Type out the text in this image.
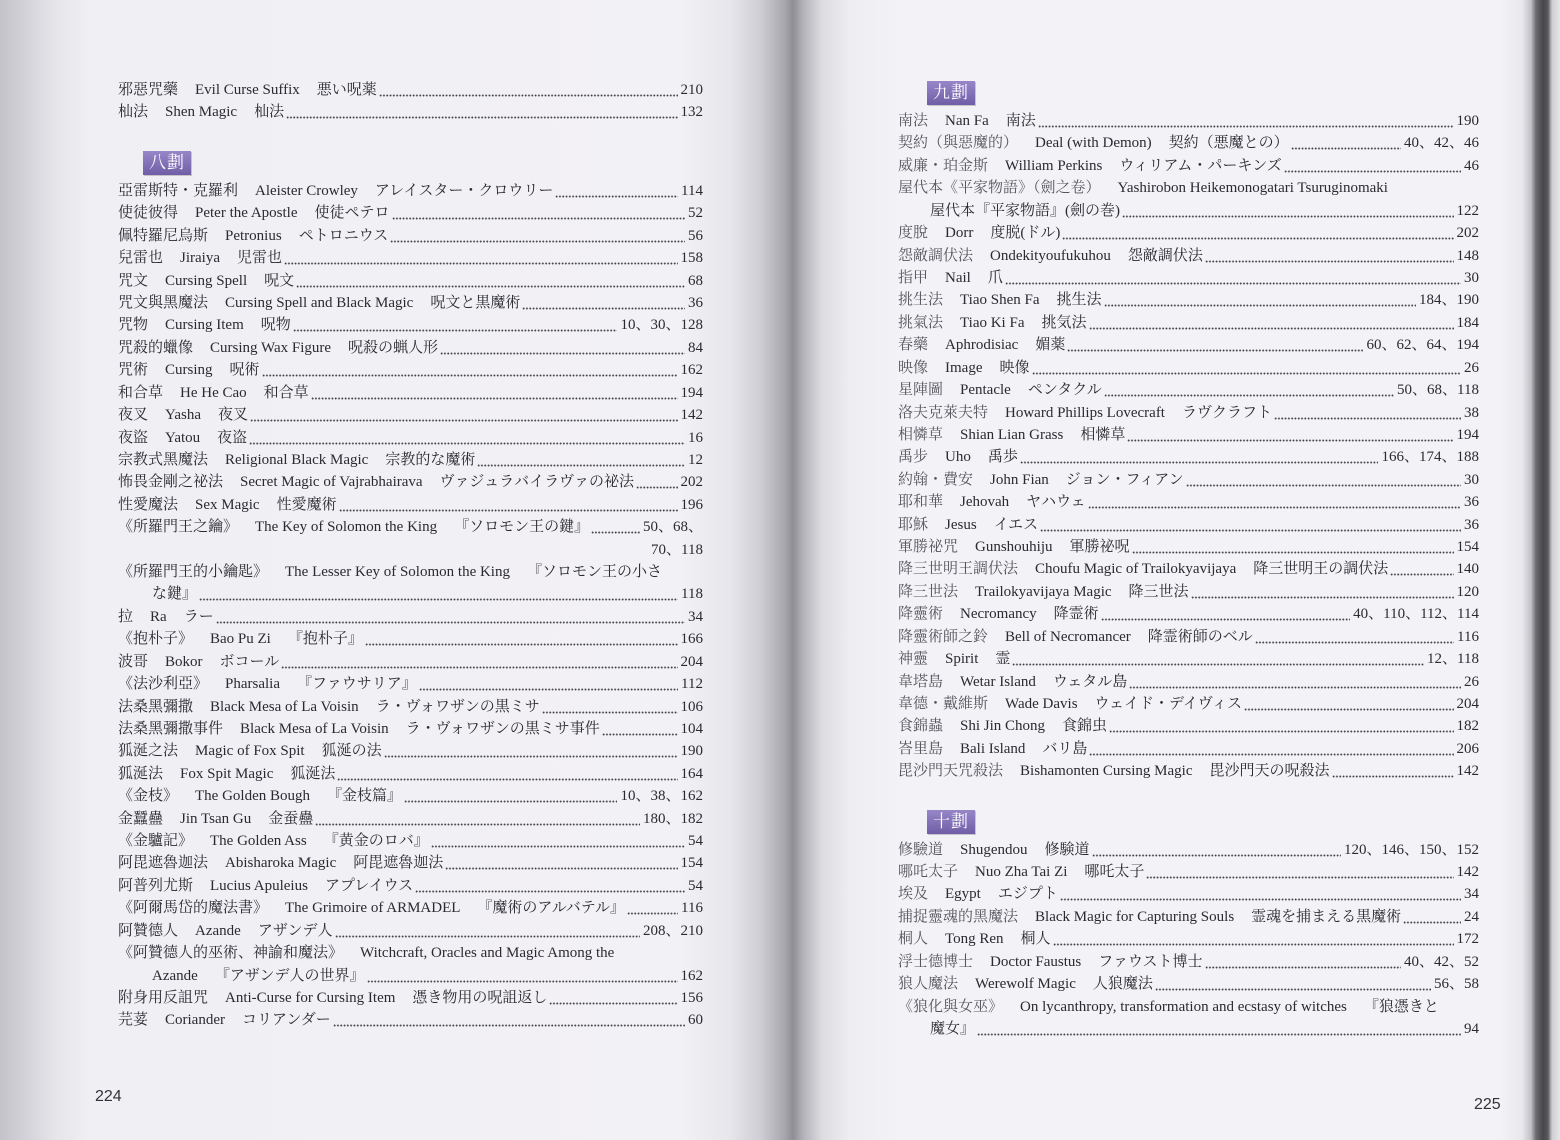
邪惡咒藥 Evil Curse Suffix 悪い呪薬	210
杣法 Shen Magic 杣法	132
八劃
亞雷斯特・克羅利 Aleister Crowley アレイスター・クロウリー	114
使徒彼得 Peter the Apostle 使徒ペテロ	52
佩特羅尼烏斯 Petronius ペトロニウス	56
兒雷也 Jiraiya 児雷也	158
咒文 Cursing Spell 呪文	68
咒文與黑魔法 Cursing Spell and Black Magic 呪文と黒魔術	36
咒物 Cursing Item 呪物	10、30、128
咒殺的蠟像 Cursing Wax Figure 呪殺の蝋人形	84
咒術 Cursing 呪術	162
和合草 He He Cao 和合草	194
夜叉 Yasha 夜叉	142
夜盜 Yatou 夜盗	16
宗教式黑魔法 Religional Black Magic 宗教的な魔術	12
怖畏金剛之祕法 Secret Magic of Vajrabhairava ヴァジュラバイラヴァの祕法	202
性愛魔法 Sex Magic 性愛魔術	196
《所羅門王之鑰》 The Key of Solomon the King 『ソロモン王の鍵』	50、68、
70、118
《所羅門王的小鑰匙》 The Lesser Key of Solomon the King 『ソロモン王の小さ
な鍵』	118
拉 Ra ラー	34
《抱朴子》 Bao Pu Zi 『抱朴子』	166
波哥 Bokor ボコール	204
《法沙利亞》 Pharsalia 『ファウサリア』	112
法桑黑彌撒 Black Mesa of La Voisin ラ・ヴォワザンの黒ミサ	106
法桑黑彌撒事件 Black Mesa of La Voisin ラ・ヴォワザンの黒ミサ事件	104
狐涎之法 Magic of Fox Spit 狐涎の法	190
狐涎法 Fox Spit Magic 狐涎法	164
《金枝》 The Golden Bough 『金枝篇』	10、38、162
金蠶蠱 Jin Tsan Gu 金蚕蠱	180、182
《金驢記》 The Golden Ass 『黄金のロバ』	54
阿毘遮魯迦法 Abisharoka Magic 阿毘遮魯迦法	154
阿普列尤斯 Lucius Apuleius アプレイウス	54
《阿爾馬岱的魔法書》 The Grimoire of ARMADEL 『魔術のアルバテル』	116
阿贊德人 Azande アザンデ人	208、210
《阿贊德人的巫術、神諭和魔法》 Witchcraft, Oracles and Magic Among the
Azande 『アザンデ人の世界』	162
附身用反詛咒 Anti-Curse for Cursing Item 憑き物用の呪詛返し	156
芫荽 Coriander コリアンダー	60
224
九劃
南法 Nan Fa 南法	190
契約（與惡魔的） Deal (with Demon) 契約（悪魔との）	40、42、46
威廉・珀金斯 William Perkins ウィリアム・パーキンズ	46
屋代本《平家物語》（劍之卷） Yashirobon Heikemonogatari Tsuruginomaki
屋代本『平家物語』(劍の巻)	122
度脫 Dorr 度脱(ドル)	202
怨敵調伏法 Ondekityoufukuhou 怨敵調伏法	148
指甲 Nail 爪	30
挑生法 Tiao Shen Fa 挑生法	184、190
挑氣法 Tiao Ki Fa 挑気法	184
春藥 Aphrodisiac 媚薬	60、62、64、194
映像 Image 映像	26
星陣圖 Pentacle ペンタクル	50、68、118
洛夫克萊夫特 Howard Phillips Lovecraft ラヴクラフト	38
相憐草 Shian Lian Grass 相憐草	194
禹步 Uho 禹歩	166、174、188
約翰・費安 John Fian ジョン・フィアン	30
耶和華 Jehovah ヤハウェ	36
耶穌 Jesus イエス	36
軍勝祕咒 Gunshouhiju 軍勝祕呪	154
降三世明王調伏法 Choufu Magic of Trailokyavijaya 降三世明王の調伏法	140
降三世法 Trailokyavijaya Magic 降三世法	120
降靈術 Necromancy 降霊術	40、110、112、114
降靈術師之鈴 Bell of Necromancer 降霊術師のベル	116
神靈 Spirit 霊	12、118
韋塔島 Wetar Island ウェタル島	26
韋德・戴維斯 Wade Davis ウェイド・デイヴィス	204
食錦蟲 Shi Jin Chong 食錦虫	182
峇里島 Bali Island バリ島	206
毘沙門天咒殺法 Bishamonten Cursing Magic 毘沙門天の呪殺法	142
十劃
修驗道 Shugendou 修験道	120、146、150、152
哪吒太子 Nuo Zha Tai Zi 哪吒太子	142
埃及 Egypt エジプト	34
捕捉靈魂的黑魔法 Black Magic for Capturing Souls 霊魂を捕まえる黒魔術	24
桐人 Tong Ren 桐人	172
浮士德博士 Doctor Faustus ファウスト博士	40、42、52
狼人魔法 Werewolf Magic 人狼魔法	56、58
《狼化與女巫》 On lycanthropy, transformation and ecstasy of witches 『狼憑きと
魔女』	94
225
